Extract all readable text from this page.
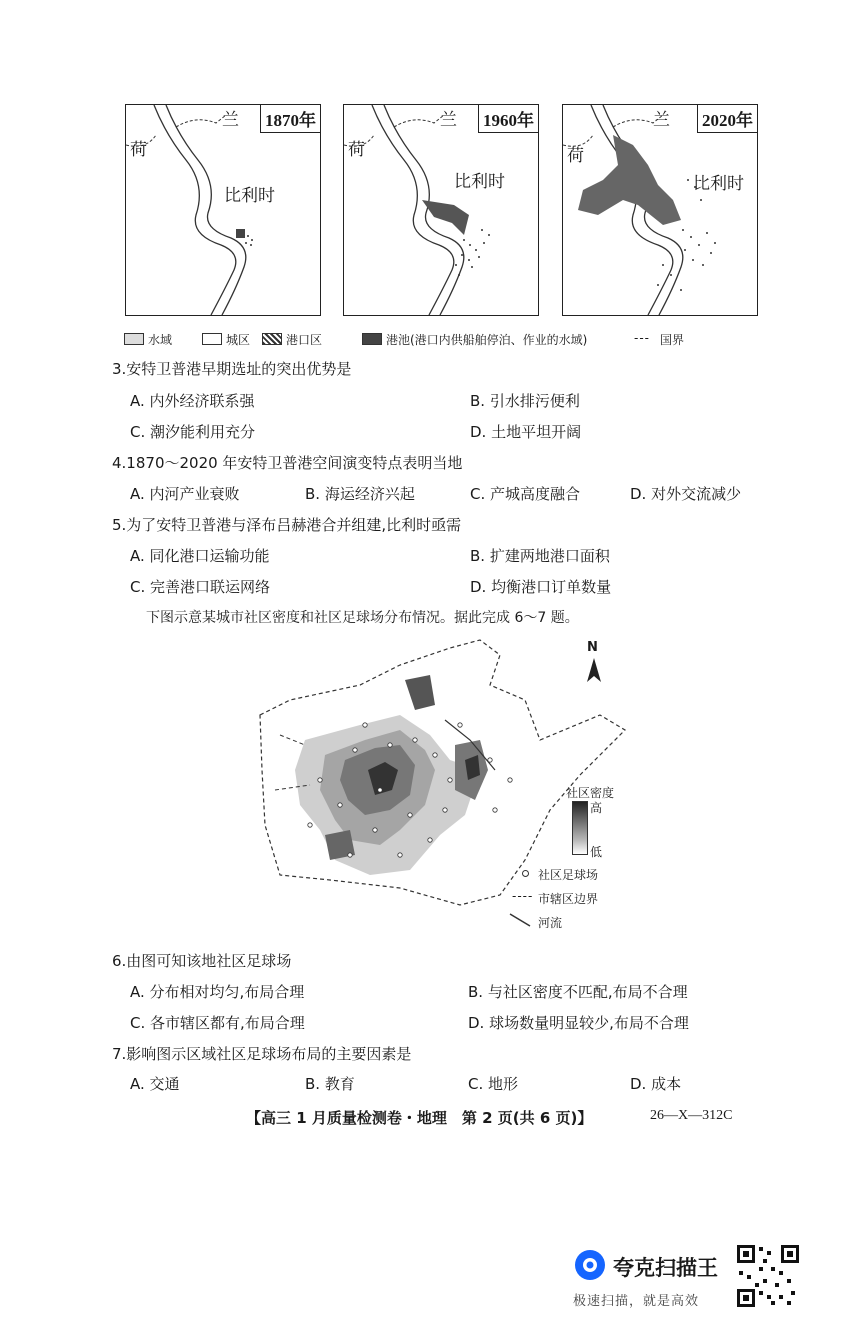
1870年
荷
兰
比利时
1960年
荷
兰
比利时
2020年
荷
兰
比利时
水域	城区	港口区	港池(港口内供船舶停泊、作业的水域)	--- 国界
3.安特卫普港早期选址的突出优势是
A. 内外经济联系强	B. 引水排污便利
C. 潮汐能利用充分	D. 土地平坦开阔
4.1870～2020 年安特卫普港空间演变特点表明当地
A. 内河产业衰败	B. 海运经济兴起	C. 产城高度融合	D. 对外交流减少
5.为了安特卫普港与泽布吕赫港合并组建,比利时亟需
A. 同化港口运输功能	B. 扩建两地港口面积
C. 完善港口联运网络	D. 均衡港口订单数量
下图示意某城市社区密度和社区足球场分布情况。据此完成 6～7 题。
N
社区密度
高
低
社区足球场
---- 市辖区边界
河流
6.由图可知该地社区足球场
A. 分布相对均匀,布局合理	B. 与社区密度不匹配,布局不合理
C. 各市辖区都有,布局合理	D. 球场数量明显较少,布局不合理
7.影响图示区域社区足球场布局的主要因素是
A. 交通	B. 教育	C. 地形	D. 成本
【高三 1 月质量检测卷・地理　第 2 页(共 6 页)】	26—X—312C
夸克扫描王
极速扫描，就是高效
